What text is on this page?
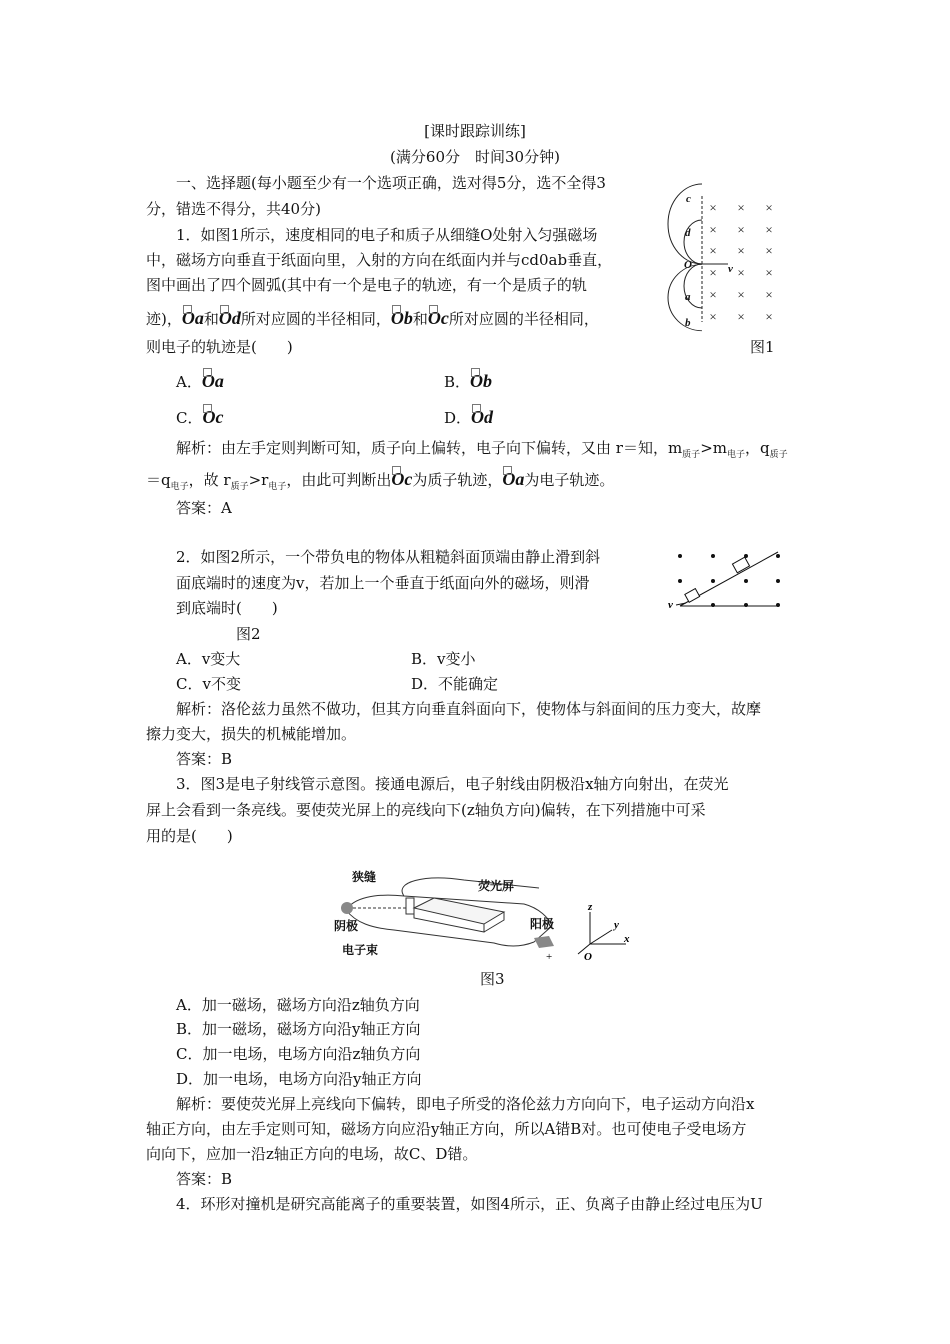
[课时跟踪训练]
(满分60分　时间30分钟)
一、选择题(每小题至少有一个选项正确，选对得5分，选不全得3
分，错选不得分，共40分)
1．如图1所示，速度相同的电子和质子从细缝O处射入匀强磁场
中，磁场方向垂直于纸面向里，入射的方向在纸面内并与cd0ab垂直，
图中画出了四个圆弧(其中有一个是电子的轨迹，有一个是质子的轨
迹)，Oa和Od所对应圆的半径相同，Ob和Oc所对应圆的半径相同，
则电子的轨迹是(　　)
× × ×
× × ×
× × ×
× × ×
× × ×
× × ×
c
d
O
a
b
v
图1
A．Oa	B．Ob
C．Oc	D．Od
解析：由左手定则判断可知，质子向上偏转，电子向下偏转，又由 r＝知，$m_{质子}>m_{电子}$，$q_{质子}$
$=q_{电子}$，故 $r_{质子}>r_{电子}$，由此可判断出Oc为质子轨迹，Oa为电子轨迹。
答案：A
2．如图2所示，一个带负电的物体从粗糙斜面顶端由静止滑到斜
面底端时的速度为v，若加上一个垂直于纸面向外的磁场，则滑
到底端时(　　)
图2
v
A．v变大	B．v变小
C．v不变	D．不能确定
解析：洛伦兹力虽然不做功，但其方向垂直斜面向下，使物体与斜面间的压力变大，故摩
擦力变大，损失的机械能增加。
答案：B
3．图3是电子射线管示意图。接通电源后，电子射线由阴极沿x轴方向射出，在荧光
屏上会看到一条亮线。要使荧光屏上的亮线向下(z轴负方向)偏转，在下列措施中可采
用的是(　　)
狭缝
荧光屏
阴极	阳极
电子束	+
z
y
x
O
图3
A．加一磁场，磁场方向沿z轴负方向
B．加一磁场，磁场方向沿y轴正方向
C．加一电场，电场方向沿z轴负方向
D．加一电场，电场方向沿y轴正方向
解析：要使荧光屏上亮线向下偏转，即电子所受的洛伦兹力方向向下，电子运动方向沿x
轴正方向，由左手定则可知，磁场方向应沿y轴正方向，所以A错B对。也可使电子受电场方
向向下，应加一沿z轴正方向的电场，故C、D错。
答案：B
4．环形对撞机是研究高能离子的重要装置，如图4所示，正、负离子由静止经过电压为U
